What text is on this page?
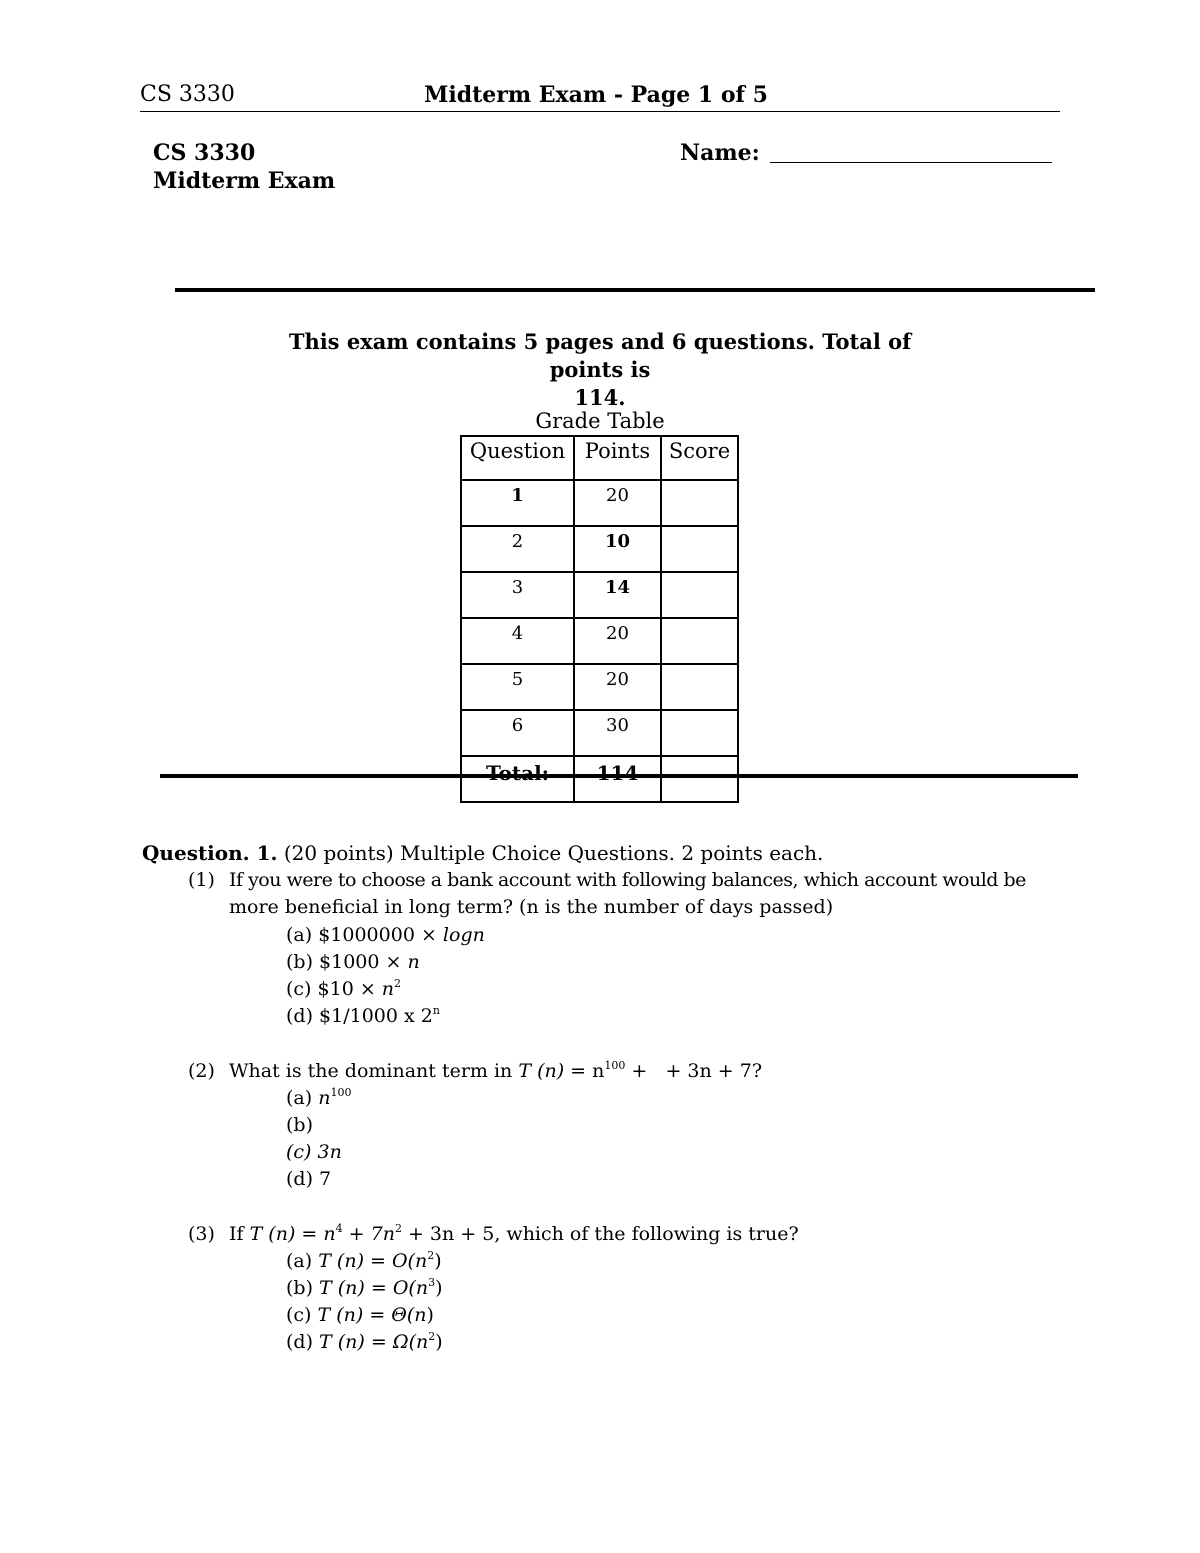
CS 3330	Midterm Exam - Page 1 of 5
CS 3330
Midterm Exam
Name:
This exam contains 5 pages and 6 questions. Total of points is
114.
Grade Table
Question	Points	Score
1	20	
2	10	
3	14	
4	20	
5	20	
6	30	
Total:	114	
Question. 1. (20 points) Multiple Choice Questions. 2 points each.
(1) If you were to choose a bank account with following balances, which account would be
more beneficial in long term? (n is the number of days passed)
(a) $1000000 × logn
(b) $1000 × n
(c) $10 × $n^2$
(d) $1/1000 x 2$^n$
(2) What is the dominant term in T $(n) = n^{100}$ +   + 3n + 7?
(a) $n^{100}$
(b)
(c) 3n
(d) 7
(3) If T $(n) = n^4 + 7n^2 + 3n + 5$, which of the following is true?
(a) T $(n) = O(n^2)$
(b) T $(n) = O(n^3)$
(c) T (n) = Θ(n)
(d) T $(n) = \Omega(n^2)$
